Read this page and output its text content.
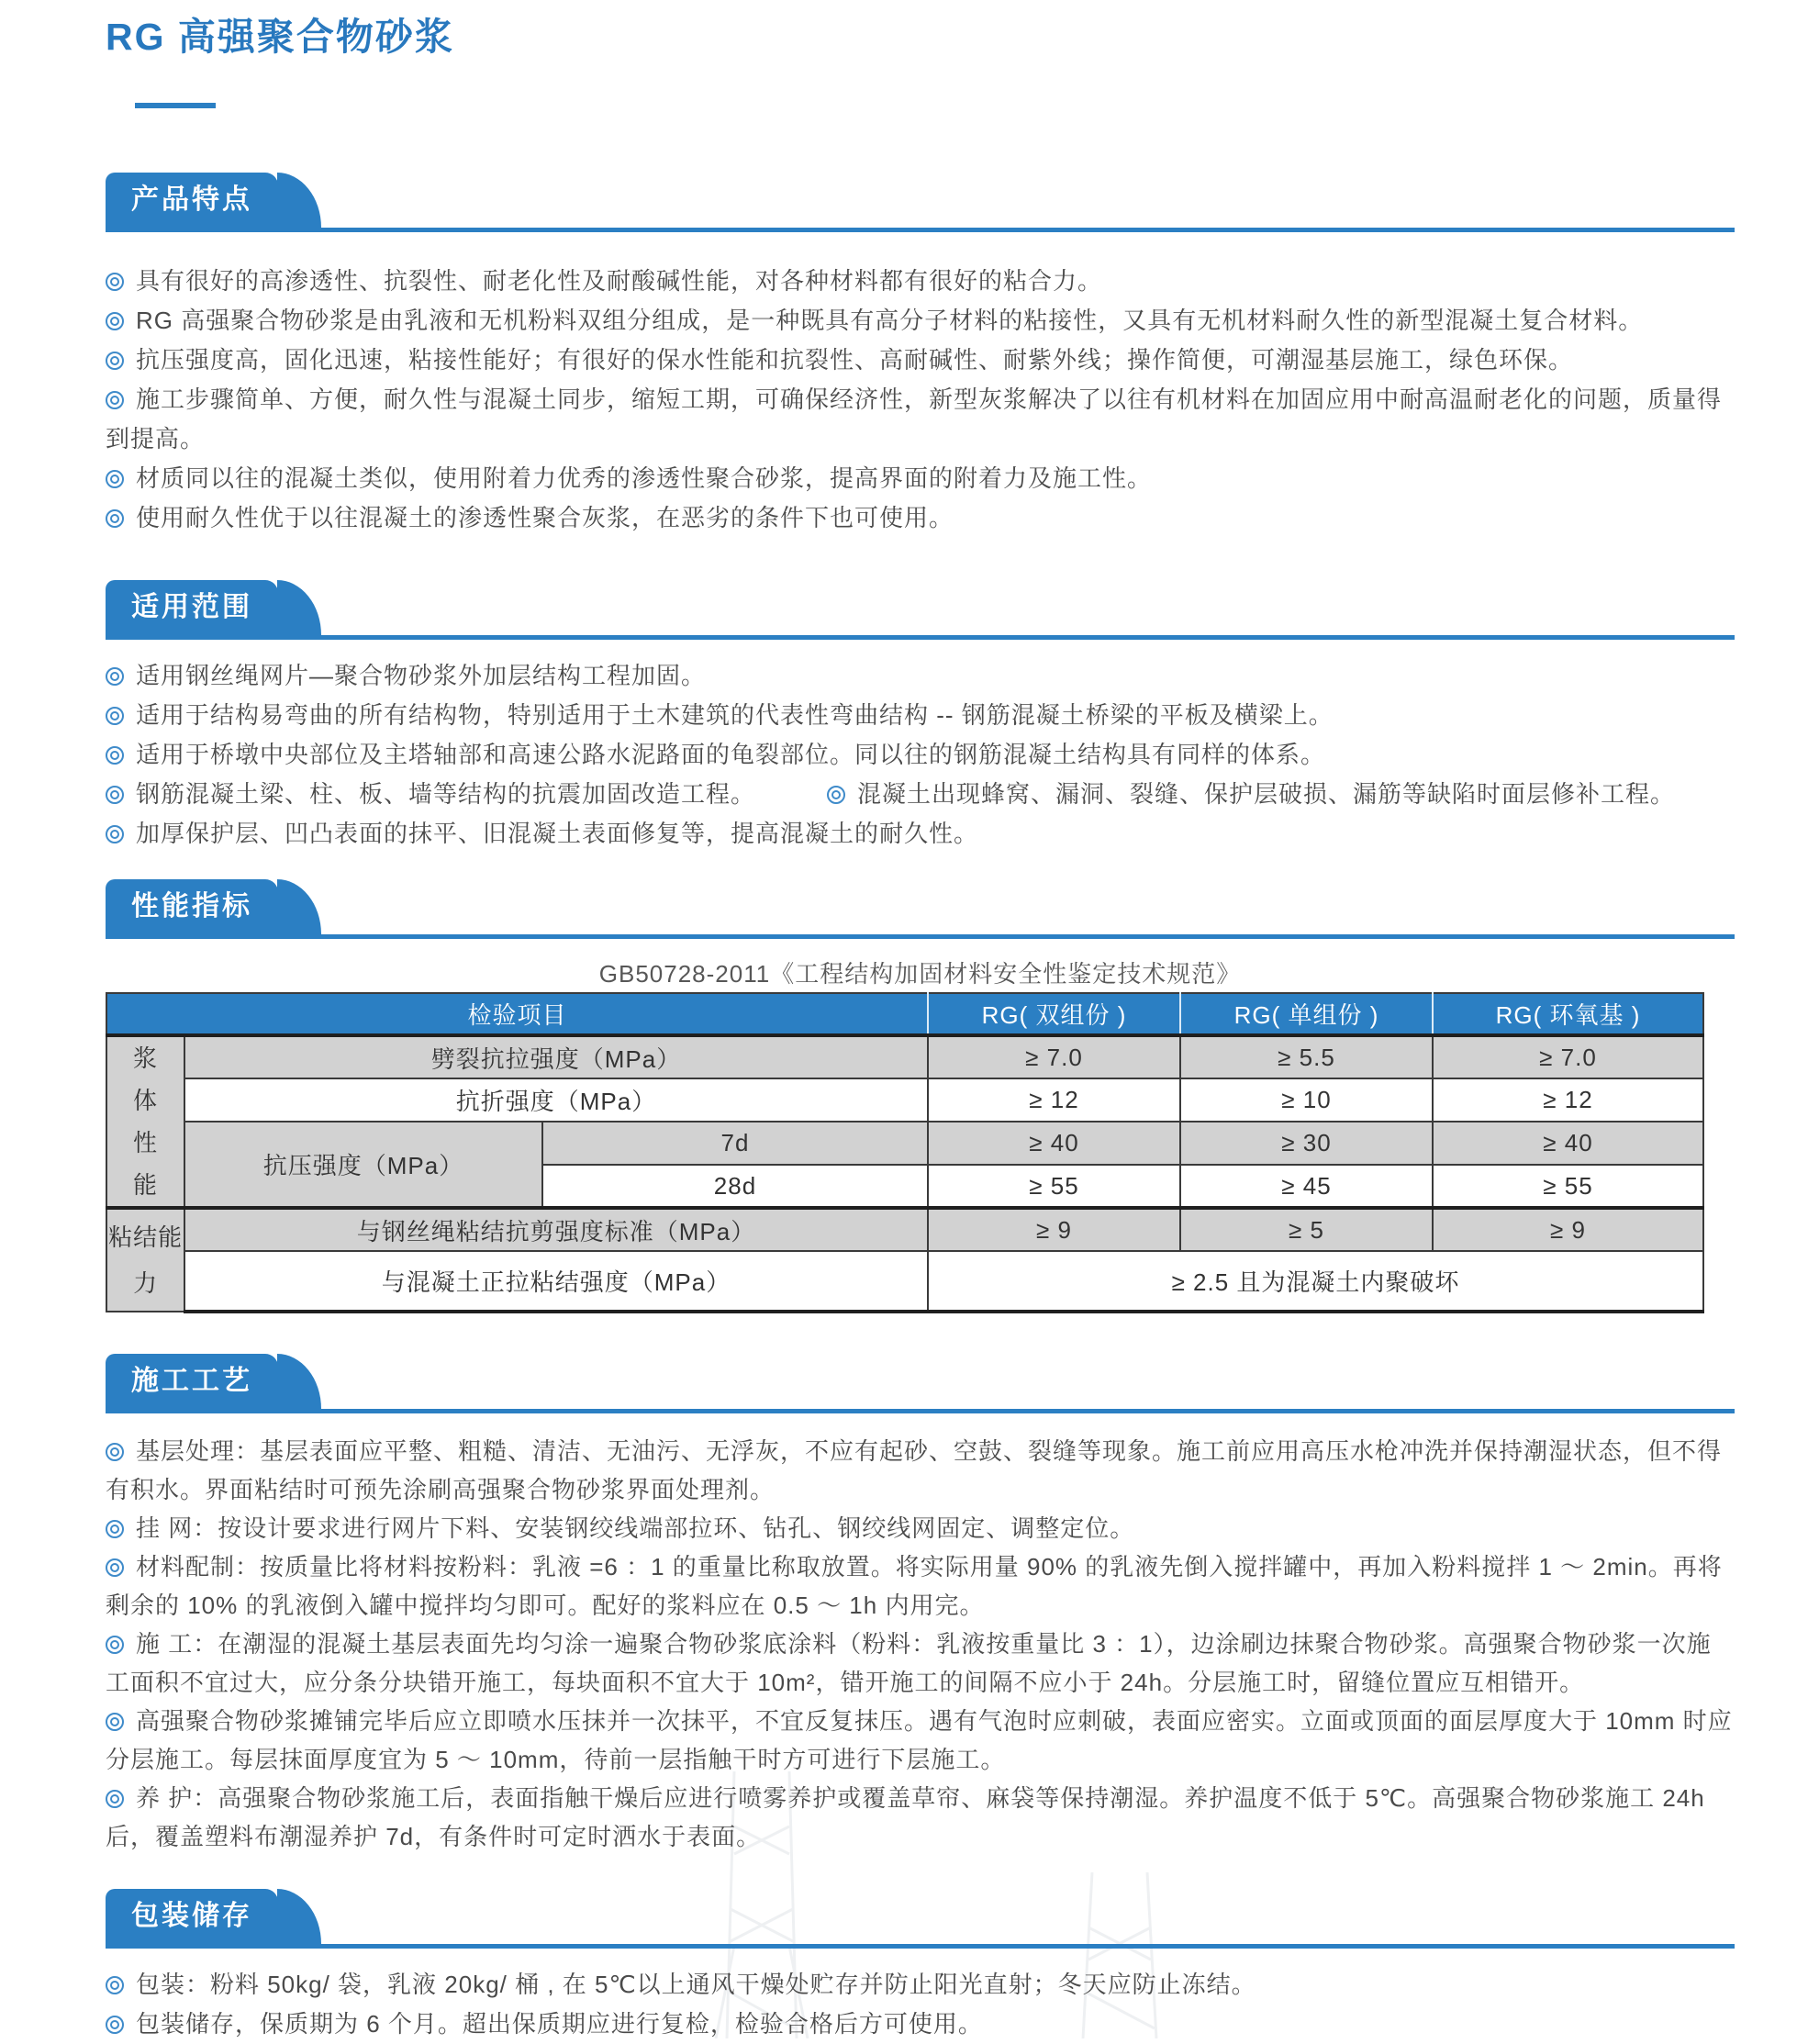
RG 高强聚合物砂浆
产品特点
具有很好的高渗透性、抗裂性、耐老化性及耐酸碱性能，对各种材料都有很好的粘合力。
RG 高强聚合物砂浆是由乳液和无机粉料双组分组成，是一种既具有高分子材料的粘接性，又具有无机材料耐久性的新型混凝土复合材料。
抗压强度高，固化迅速，粘接性能好；有很好的保水性能和抗裂性、高耐碱性、耐紫外线；操作简便，可潮湿基层施工，绿色环保。
施工步骤简单、方便，耐久性与混凝土同步，缩短工期，可确保经济性，新型灰浆解决了以往有机材料在加固应用中耐高温耐老化的问题，质量得到提高。
材质同以往的混凝土类似，使用附着力优秀的渗透性聚合砂浆，提高界面的附着力及施工性。
使用耐久性优于以往混凝土的渗透性聚合灰浆，在恶劣的条件下也可使用。
适用范围
适用钢丝绳网片—聚合物砂浆外加层结构工程加固。
适用于结构易弯曲的所有结构物，特别适用于土木建筑的代表性弯曲结构 -- 钢筋混凝土桥梁的平板及横梁上。
适用于桥墩中央部位及主塔轴部和高速公路水泥路面的龟裂部位。同以往的钢筋混凝土结构具有同样的体系。
钢筋混凝土梁、柱、板、墙等结构的抗震加固改造工程。	混凝土出现蜂窝、漏洞、裂缝、保护层破损、漏筋等缺陷时面层修补工程。
加厚保护层、凹凸表面的抹平、旧混凝土表面修复等，提高混凝土的耐久性。
性能指标
GB50728-2011《工程结构加固材料安全性鉴定技术规范》
检验项目			RG( 双组份 )	RG( 单组份 )	RG( 环氧基 )

浆体性能	劈裂抗拉强度（MPa）		≥ 7.0	≥ 5.5	≥ 7.0
	抗折强度（MPa）		≥ 12	≥ 10	≥ 12
	抗压强度（MPa）	7d	≥ 40	≥ 30	≥ 40
		28d	≥ 55	≥ 45	≥ 55

粘结能力	与钢丝绳粘结抗剪强度标准（MPa）		≥ 9	≥ 5	≥ 9
	与混凝土正拉粘结强度（MPa）		≥ 2.5 且为混凝土内聚破坏		
施工工艺
基层处理：基层表面应平整、粗糙、清洁、无油污、无浮灰，不应有起砂、空鼓、裂缝等现象。施工前应用高压水枪冲洗并保持潮湿状态，但不得有积水。界面粘结时可预先涂刷高强聚合物砂浆界面处理剂。
挂 网：按设计要求进行网片下料、安装钢绞线端部拉环、钻孔、钢绞线网固定、调整定位。
材料配制：按质量比将材料按粉料：乳液 =6 ：1 的重量比称取放置。将实际用量 90% 的乳液先倒入搅拌罐中，再加入粉料搅拌 1 ～ 2min。再将剩余的 10% 的乳液倒入罐中搅拌均匀即可。配好的浆料应在 0.5 ～ 1h 内用完。
施 工：在潮湿的混凝土基层表面先均匀涂一遍聚合物砂浆底涂料（粉料：乳液按重量比 3 ：1），边涂刷边抹聚合物砂浆。高强聚合物砂浆一次施工面积不宜过大，应分条分块错开施工，每块面积不宜大于 10m²，错开施工的间隔不应小于 24h。分层施工时，留缝位置应互相错开。
高强聚合物砂浆摊铺完毕后应立即喷水压抹并一次抹平，不宜反复抹压。遇有气泡时应刺破，表面应密实。立面或顶面的面层厚度大于 10mm 时应分层施工。每层抹面厚度宜为 5 ～ 10mm，待前一层指触干时方可进行下层施工。
养 护：高强聚合物砂浆施工后，表面指触干燥后应进行喷雾养护或覆盖草帘、麻袋等保持潮湿。养护温度不低于 5℃。高强聚合物砂浆施工 24h 后，覆盖塑料布潮湿养护 7d，有条件时可定时洒水于表面。
包装储存
包装：粉料 50kg/ 袋，乳液 20kg/ 桶 , 在 5℃以上通风干燥处贮存并防止阳光直射；冬天应防止冻结。
包装储存，保质期为 6 个月。超出保质期应进行复检，检验合格后方可使用。
